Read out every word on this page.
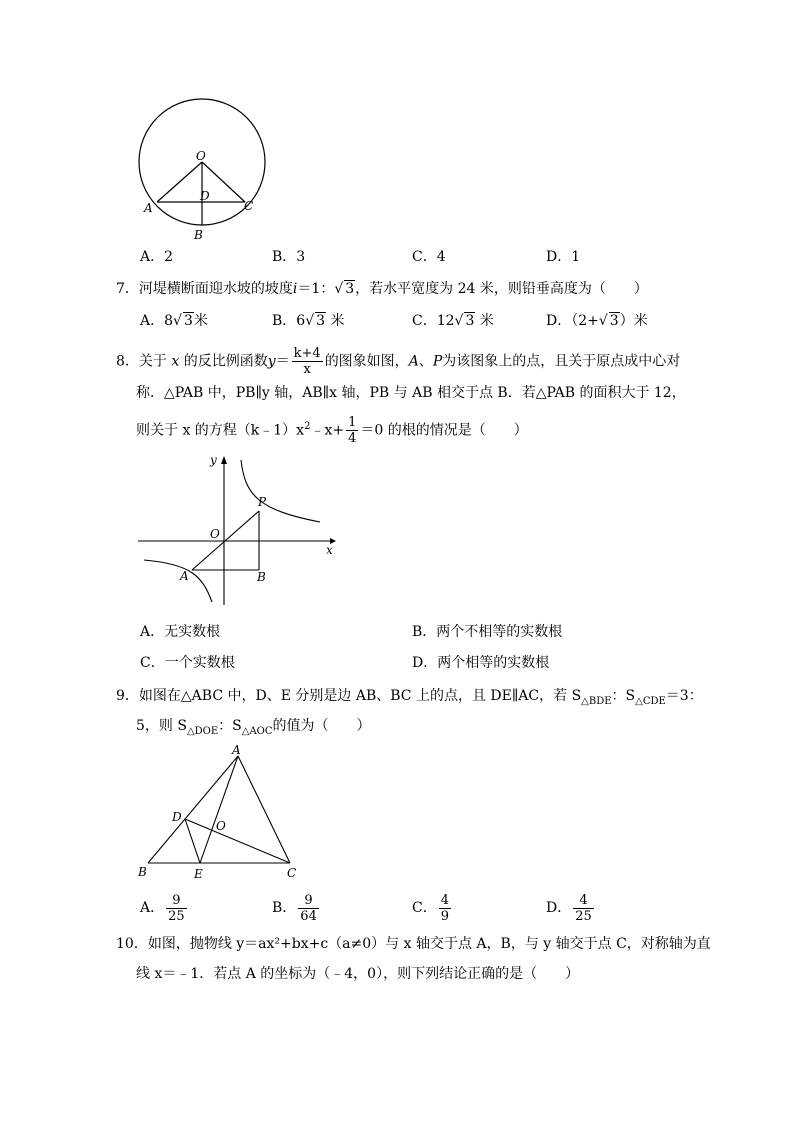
O
D
A	C
B
A．2	B．3	C．4	D．1
7．河堤横断面迎水坡的坡度i＝1：√ 3，若水平宽度为 24 米，则铅垂高度为（　　）
A．8√ 3米	B．6√ 3 米	C．12√ 3 米	D．（2+√ 3）米
8．关于 x 的反比例函数$y= \frac{k+4}{x}$ 的图象如图，A、P为该图象上的点，且关于原点成中心对
称．△PAB 中，PB∥y 轴，AB∥x 轴，PB 与 AB 相交于点 B．若△PAB 的面积大于 12，
则关于 x 的方程$(k﹣1)x^2﹣x+ \frac{1}{4} =0$ 的根的情况是（　　）
y
x
O
P
A	B
A．无实数根	B．两个不相等的实数根
C．一个实数根	D．两个相等的实数根
9．如图在△ABC 中，D、E 分别是边 AB、BC 上的点，且 DE∥AC，若 $S_{\triangle BDE}$：$S_{\triangle CDE}=3$：
5，则 $S_{\triangle DOE}$：$S_{\triangle AOC}$的值为（　　）
A
D
O
B	E	C
A． $\frac{9}{25}$	B． $\frac{9}{64}$	C． $\frac{4}{9}$	D． $\frac{4}{25}$
10．如图，抛物线 y＝ax²+bx+c（a≠0）与 x 轴交于点 A，B，与 y 轴交于点 C，对称轴为直
线 x＝﹣1．若点 A 的坐标为（﹣4，0），则下列结论正确的是（　　）
